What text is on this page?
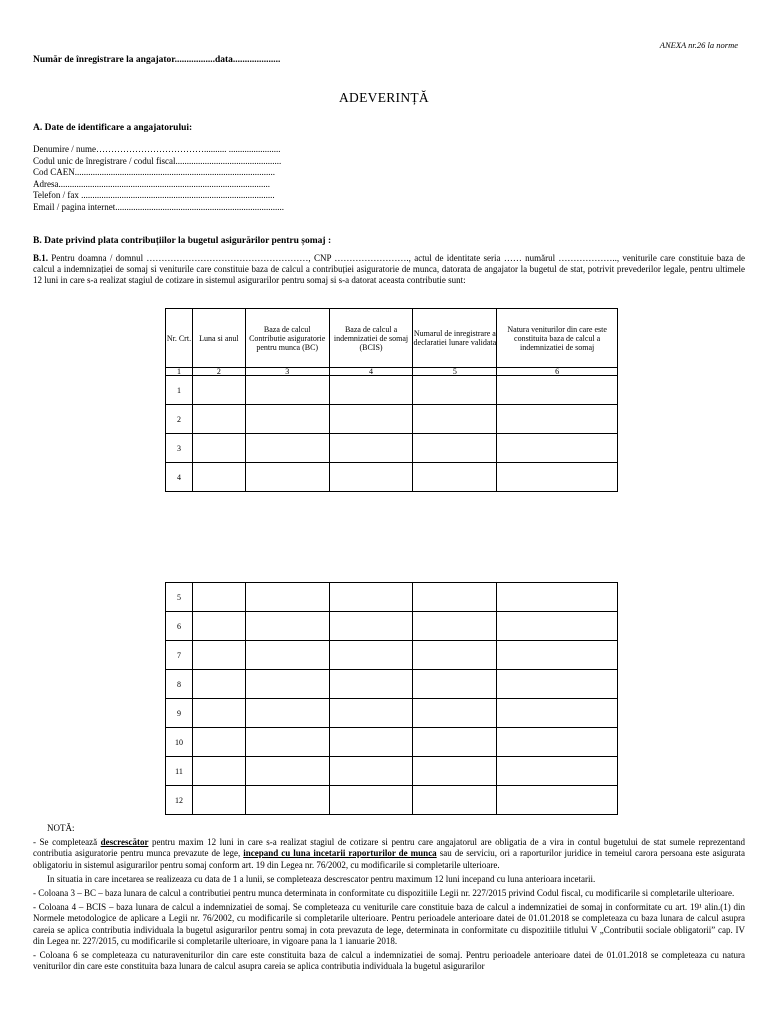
ANEXA nr.26 la norme
Număr de înregistrare la angajator.................data....................
ADEVERINȚĂ
A. Date de identificare a angajatorului:
Denumire / nume……………………………….......... .......................
Codul unic de înregistrare / codul fiscal...............................................
Cod CAEN.........................................................................................
Adresa..............................................................................................
Telefon / fax ......................................................................................
Email / pagina internet...........................................................................
B. Date privind plata contribuțiilor la bugetul asigurărilor pentru șomaj :
B.1. Pentru doamna / domnul ………………………………………………, CNP ……………………., actul de identitate seria …… numărul ……………….., veniturile care constituie baza de calcul a indemnizației de somaj si veniturile care constituie baza de calcul a contribuției asiguratorie de munca, datorata de angajator la bugetul de stat, potrivit prevederilor legale, pentru ultimele 12 luni in care s-a realizat stagiul de cotizare in sistemul asigurarilor pentru somaj si s-a datorat aceasta contributie sunt:
Nr. Crt.	Luna si anul	Baza de calcul Contributie asiguratorie pentru munca (BC)	Baza de calcul a indemnizatiei de somaj (BCIS)	Numarul de inregistrare a declaratiei lunare validata	Natura veniturilor din care este constituita baza de calcul a indemnizatiei de somaj
1	2	3	4	5	6
1					
2					
3					
4					
5					
6					
7					
8					
9					
10					
11					
12					

NOTĂ:

- Se completează descrescător pentru maxim 12 luni in care s-a realizat stagiul de cotizare si pentru care angajatorul are obligatia de a vira in contul bugetului de stat sumele reprezentand contributia asiguratorie pentru munca prevazute de lege, incepand cu luna incetarii raporturilor de munca sau de serviciu, ori a raporturilor juridice in temeiul carora persoana este asigurata obligatoriu in sistemul asigurarilor pentru somaj conform art. 19 din Legea nr. 76/2002, cu modificarile si completarile ulterioare.

In situatia in care incetarea se realizeaza cu data de 1 a lunii, se completeaza descrescator pentru maximum 12 luni incepand cu luna anterioara incetarii.

- Coloana 3 – BC – baza lunara de calcul a contributiei pentru munca determinata in conformitate cu dispozitiile Legii nr. 227/2015 privind Codul fiscal, cu modificarile si completarile ulterioare.

- Coloana 4 – BCIS – baza lunara de calcul a indemnizatiei de somaj. Se completeaza cu veniturile care constituie baza de calcul a indemnizatiei de somaj in conformitate cu art. 19¹ alin.(1) din Normele metodologice de aplicare a Legii nr. 76/2002, cu modificarile si completarile ulterioare. Pentru perioadele anterioare datei de 01.01.2018 se completeaza cu baza lunara de calcul asupra careia se aplica contributia individuala la bugetul asigurarilor pentru somaj in cota prevazuta de lege, determinata in conformitate cu dispozitiile titlului V „Contributii sociale obligatorii” cap. IV din Legea nr. 227/2015, cu modificarile si completarile ulterioare, in vigoare pana la 1 ianuarie 2018.

- Coloana 6 se completeaza cu naturaveniturilor din care este constituita baza de calcul a indemnizatiei de somaj. Pentru perioadele anterioare datei de 01.01.2018 se completeaza cu natura veniturilor din care este constituita baza lunara de calcul asupra careia se aplica contributia individuala la bugetul asigurarilor
